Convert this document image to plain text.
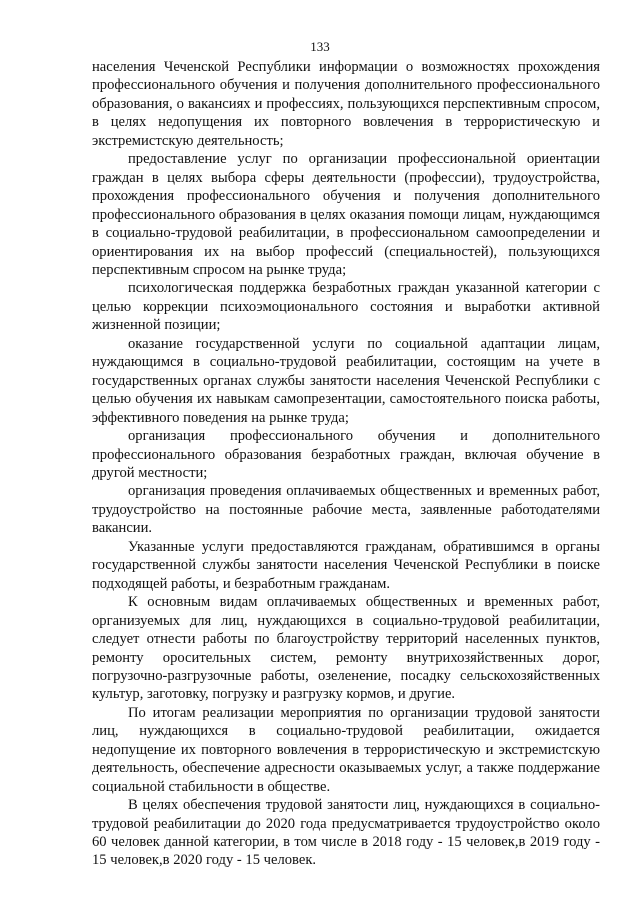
133

населения Чеченской Республики информации о возможностях прохождения профессионального обучения и получения дополнительного профессионального образования, о вакансиях и профессиях, пользующихся перспективным спросом, в целях недопущения их повторного вовлечения в террористическую и экстремистскую деятельность;

предоставление услуг по организации профессиональной ориентации граждан в целях выбора сферы деятельности (профессии), трудоустройства, прохождения профессионального обучения и получения дополнительного профессионального образования в целях оказания помощи лицам, нуждающимся в социально-трудовой реабилитации, в профессиональном самоопределении и ориентирования их на выбор профессий (специальностей), пользующихся перспективным спросом на рынке труда;

психологическая поддержка безработных граждан указанной категории с целью коррекции психоэмоционального состояния и выработки активной жизненной позиции;

оказание государственной услуги по социальной адаптации лицам, нуждающимся в социально-трудовой реабилитации, состоящим на учете в государственных органах службы занятости населения Чеченской Республики с целью обучения их навыкам самопрезентации, самостоятельного поиска работы, эффективного поведения на рынке труда;

организация профессионального обучения и дополнительного профессионального образования безработных граждан, включая обучение в другой местности;

организация проведения оплачиваемых общественных и временных работ, трудоустройство на постоянные рабочие места, заявленные работодателями вакансии.

Указанные услуги предоставляются гражданам, обратившимся в органы государственной службы занятости населения Чеченской Республики в поиске подходящей работы, и безработным гражданам.

К основным видам оплачиваемых общественных и временных работ, организуемых для лиц, нуждающихся в социально-трудовой реабилитации, следует отнести работы по благоустройству территорий населенных пунктов, ремонту оросительных систем, ремонту внутрихозяйственных дорог, погрузочно-разгрузочные работы, озеленение, посадку сельскохозяйственных культур, заготовку, погрузку и разгрузку кормов, и другие.

По итогам реализации мероприятия по организации трудовой занятости лиц, нуждающихся в социально-трудовой реабилитации, ожидается недопущение их повторного вовлечения в террористическую и экстремистскую деятельность, обеспечение адресности оказываемых услуг, а также поддержание социальной стабильности в обществе.

В целях обеспечения трудовой занятости лиц, нуждающихся в социально-трудовой реабилитации до 2020 года предусматривается трудоустройство около 60 человек данной категории, в том числе в 2018 году - 15 человек,в 2019 году - 15 человек,в 2020 году - 15 человек.
